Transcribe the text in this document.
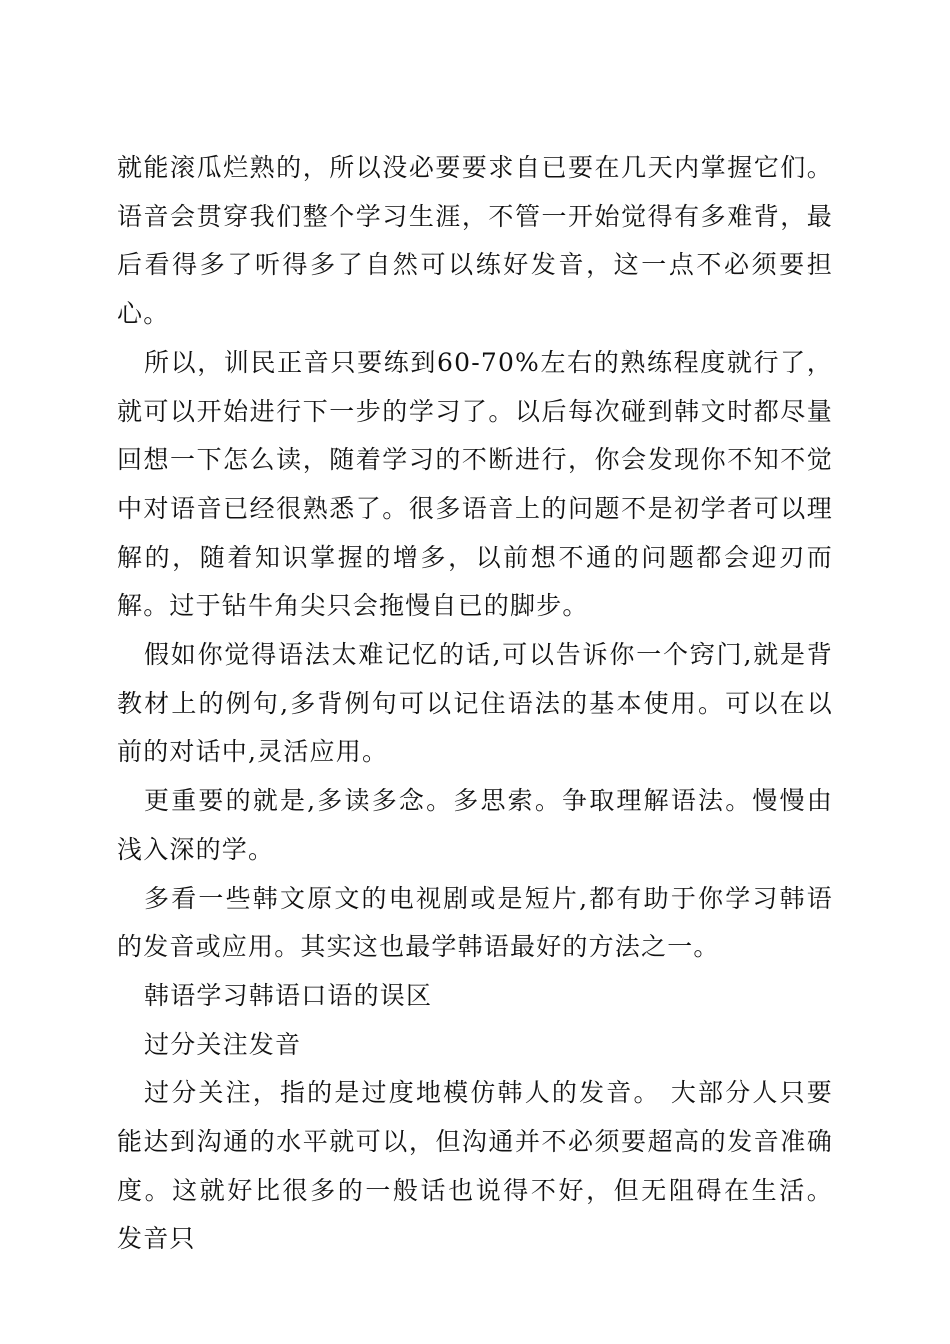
就能滚瓜烂熟的，所以没必要要求自已要在几天内掌握它们。语音会贯穿我们整个学习生涯，不管一开始觉得有多难背，最后看得多了听得多了自然可以练好发音，这一点不必须要担心。

所以，训民正音只要练到60-70%左右的熟练程度就行了，就可以开始进行下一步的学习了。以后每次碰到韩文时都尽量回想一下怎么读，随着学习的不断进行，你会发现你不知不觉中对语音已经很熟悉了。很多语音上的问题不是初学者可以理解的，随着知识掌握的增多，以前想不通的问题都会迎刃而解。过于钻牛角尖只会拖慢自已的脚步。

假如你觉得语法太难记忆的话,可以告诉你一个窍门,就是背教材上的例句,多背例句可以记住语法的基本使用。可以在以前的对话中,灵活应用。

更重要的就是,多读多念。多思索。争取理解语法。慢慢由浅入深的学。

多看一些韩文原文的电视剧或是短片,都有助于你学习韩语的发音或应用。其实这也最学韩语最好的方法之一。

韩语学习韩语口语的误区

过分关注发音

过分关注，指的是过度地模仿韩人的发音。 大部分人只要能达到沟通的水平就可以，但沟通并不必须要超高的发音准确度。这就好比很多的一般话也说得不好，但无阻碍在生活。 发音只
